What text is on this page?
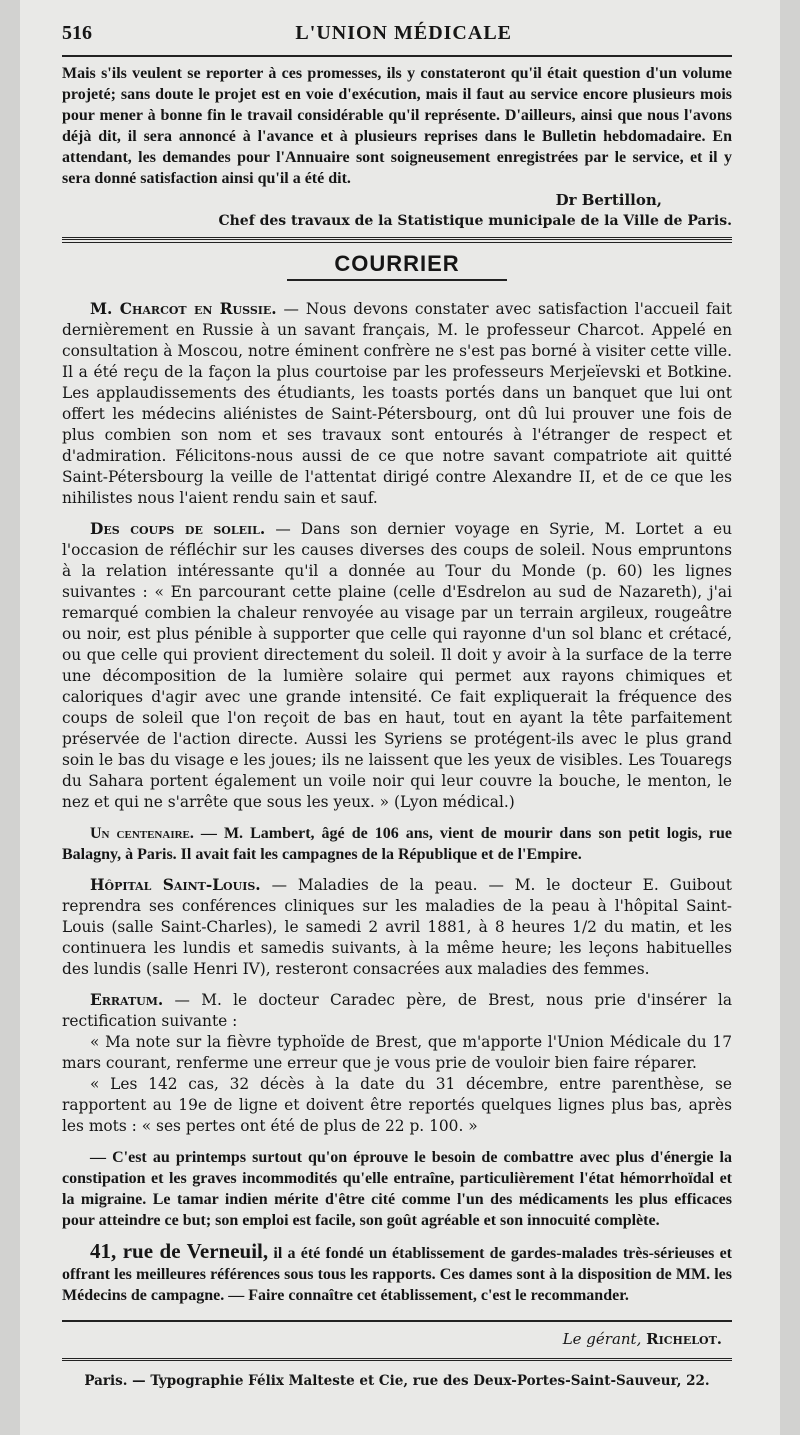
516	L'UNION MÉDICALE

Mais s'ils veulent se reporter à ces promesses, ils y constateront qu'il était question d'un volume projeté; sans doute le projet est en voie d'exécution, mais il faut au service encore plusieurs mois pour mener à bonne fin le travail considérable qu'il représente. D'ailleurs, ainsi que nous l'avons déjà dit, il sera annoncé à l'avance et à plusieurs reprises dans le Bulletin hebdomadaire. En attendant, les demandes pour l'Annuaire sont soigneusement enregistrées par le service, et il y sera donné satisfaction ainsi qu'il a été dit.

Dr Bertillon,
Chef des travaux de la Statistique municipale de la Ville de Paris.
COURRIER

M. Charcot en Russie. — Nous devons constater avec satisfaction l'accueil fait dernièrement en Russie à un savant français, M. le professeur Charcot. Appelé en consultation à Moscou, notre éminent confrère ne s'est pas borné à visiter cette ville. Il a été reçu de la façon la plus courtoise par les professeurs Merjeïevski et Botkine. Les applaudissements des étudiants, les toasts portés dans un banquet que lui ont offert les médecins aliénistes de Saint-Pétersbourg, ont dû lui prouver une fois de plus combien son nom et ses travaux sont entourés à l'étranger de respect et d'admiration. Félicitons-nous aussi de ce que notre savant compatriote ait quitté Saint-Pétersbourg la veille de l'attentat dirigé contre Alexandre II, et de ce que les nihilistes nous l'aient rendu sain et sauf.

Des coups de soleil. — Dans son dernier voyage en Syrie, M. Lortet a eu l'occasion de réfléchir sur les causes diverses des coups de soleil. Nous empruntons à la relation intéressante qu'il a donnée au Tour du Monde (p. 60) les lignes suivantes : « En parcourant cette plaine (celle d'Esdrelon au sud de Nazareth), j'ai remarqué combien la chaleur renvoyée au visage par un terrain argileux, rougeâtre ou noir, est plus pénible à supporter que celle qui rayonne d'un sol blanc et crétacé, ou que celle qui provient directement du soleil. Il doit y avoir à la surface de la terre une décomposition de la lumière solaire qui permet aux rayons chimiques et caloriques d'agir avec une grande intensité. Ce fait expliquerait la fréquence des coups de soleil que l'on reçoit de bas en haut, tout en ayant la tête parfaitement préservée de l'action directe. Aussi les Syriens se protégent-ils avec le plus grand soin le bas du visage e les joues; ils ne laissent que les yeux de visibles. Les Touaregs du Sahara portent également un voile noir qui leur couvre la bouche, le menton, le nez et qui ne s'arrête que sous les yeux. » (Lyon médical.)

Un centenaire. — M. Lambert, âgé de 106 ans, vient de mourir dans son petit logis, rue Balagny, à Paris. Il avait fait les campagnes de la République et de l'Empire.

Hôpital Saint-Louis. — Maladies de la peau. — M. le docteur E. Guibout reprendra ses conférences cliniques sur les maladies de la peau à l'hôpital Saint-Louis (salle Saint-Charles), le samedi 2 avril 1881, à 8 heures 1/2 du matin, et les continuera les lundis et samedis suivants, à la même heure; les leçons habituelles des lundis (salle Henri IV), resteront consacrées aux maladies des femmes.

Erratum. — M. le docteur Caradec père, de Brest, nous prie d'insérer la rectification suivante :

« Ma note sur la fièvre typhoïde de Brest, que m'apporte l'Union Médicale du 17 mars courant, renferme une erreur que je vous prie de vouloir bien faire réparer.

« Les 142 cas, 32 décès à la date du 31 décembre, entre parenthèse, se rapportent au 19e de ligne et doivent être reportés quelques lignes plus bas, après les mots : « ses pertes ont été de plus de 22 p. 100. »

— C'est au printemps surtout qu'on éprouve le besoin de combattre avec plus d'énergie la constipation et les graves incommodités qu'elle entraîne, particulièrement l'état hémorrhoïdal et la migraine. Le tamar indien mérite d'être cité comme l'un des médicaments les plus efficaces pour atteindre ce but; son emploi est facile, son goût agréable et son innocuité complète.

41, rue de Verneuil, il a été fondé un établissement de gardes-malades très-sérieuses et offrant les meilleures références sous tous les rapports. Ces dames sont à la disposition de MM. les Médecins de campagne. — Faire connaître cet établissement, c'est le recommander.

Le gérant, Richelot.
Paris. — Typographie Félix Malteste et Cie, rue des Deux-Portes-Saint-Sauveur, 22.
